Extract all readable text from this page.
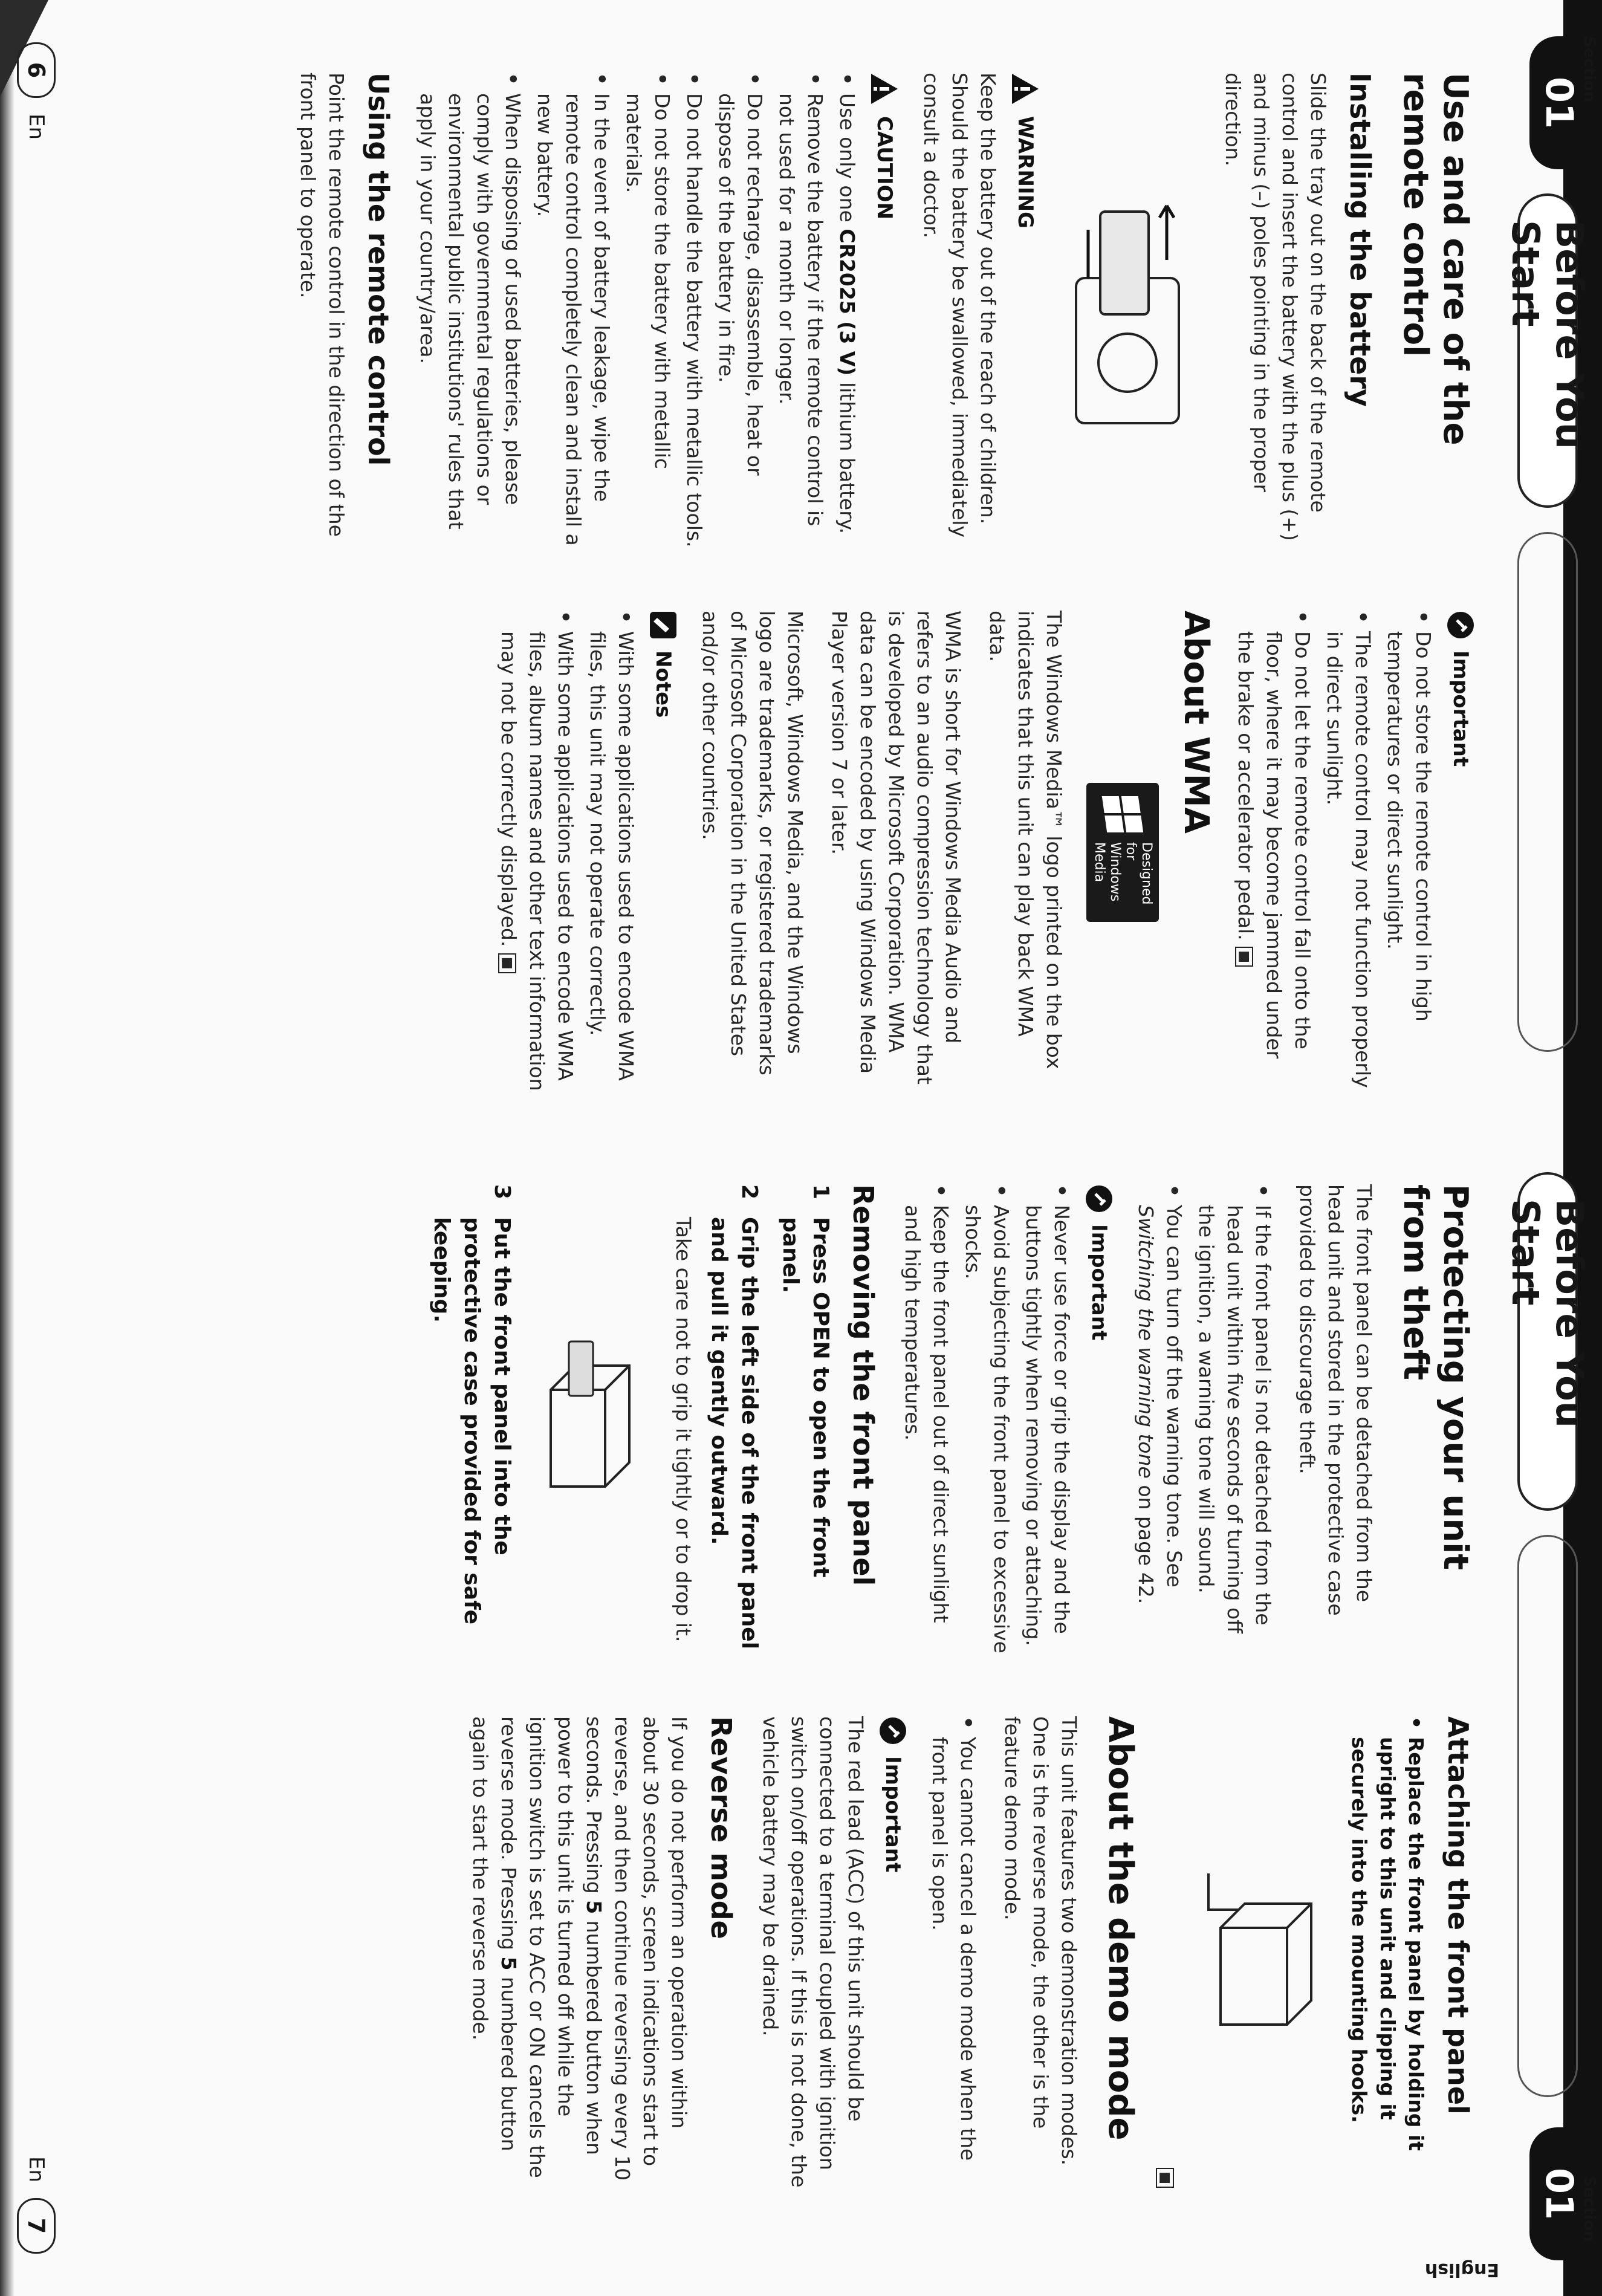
01
Section
Before You Start
Use and care of the remote control
Installing the battery
Slide the tray out on the back of the remote control and insert the battery with the plus (+) and minus (–) poles pointing in the proper direction.
WARNING
Keep the battery out of the reach of children. Should the battery be swallowed, immediately consult a doctor.
CAUTION
• Use only one CR2025 (3 V) lithium battery.
• Remove the battery if the remote control is not used for a month or longer.
• Do not recharge, disassemble, heat or dispose of the battery in fire.
• Do not handle the battery with metallic tools.
• Do not store the battery with metallic materials.
• In the event of battery leakage, wipe the remote control completely clean and install a new battery.
• When disposing of used batteries, please comply with governmental regulations or environmental public institutions' rules that apply in your country/area.
Using the remote control
Point the remote control in the direction of the front panel to operate.
Important
• Do not store the remote control in high temperatures or direct sunlight.
• The remote control may not function properly in direct sunlight.
• Do not let the remote control fall onto the floor, where it may become jammed under the brake or accelerator pedal. ■
About WMA
Designed for Windows Media
The Windows Media™ logo printed on the box indicates that this unit can play back WMA data.
WMA is short for Windows Media Audio and refers to an audio compression technology that is developed by Microsoft Corporation. WMA data can be encoded by using Windows Media Player version 7 or later.
Microsoft, Windows Media, and the Windows logo are trademarks, or registered trademarks of Microsoft Corporation in the United States and/or other countries.
Notes
• With some applications used to encode WMA files, this unit may not operate correctly.
• With some applications used to encode WMA files, album names and other text information may not be correctly displayed. ■
6
En
Before You Start
01
Section
English
Protecting your unit from theft
The front panel can be detached from the head unit and stored in the protective case provided to discourage theft.
• If the front panel is not detached from the head unit within five seconds of turning off the ignition, a warning tone will sound.
• You can turn off the warning tone. See Switching the warning tone on page 42.
Important
• Never use force or grip the display and the buttons tightly when removing or attaching.
• Avoid subjecting the front panel to excessive shocks.
• Keep the front panel out of direct sunlight and high temperatures.
Removing the front panel
1
Press OPEN to open the front panel.
2
Grip the left side of the front panel and pull it gently outward.
Take care not to grip it tightly or to drop it.
3
Put the front panel into the protective case provided for safe keeping.
Attaching the front panel
• Replace the front panel by holding it upright to this unit and clipping it securely into the mounting hooks.
■
About the demo mode
This unit features two demonstration modes. One is the reverse mode, the other is the feature demo mode.
• You cannot cancel a demo mode when the front panel is open.
Important
The red lead (ACC) of this unit should be connected to a terminal coupled with ignition switch on/off operations. If this is not done, the vehicle battery may be drained.
Reverse mode
If you do not perform an operation within about 30 seconds, screen indications start to reverse, and then continue reversing every 10 seconds. Pressing 5 numbered button when power to this unit is turned off while the ignition switch is set to ACC or ON cancels the reverse mode. Pressing 5 numbered button again to start the reverse mode.
En
7
